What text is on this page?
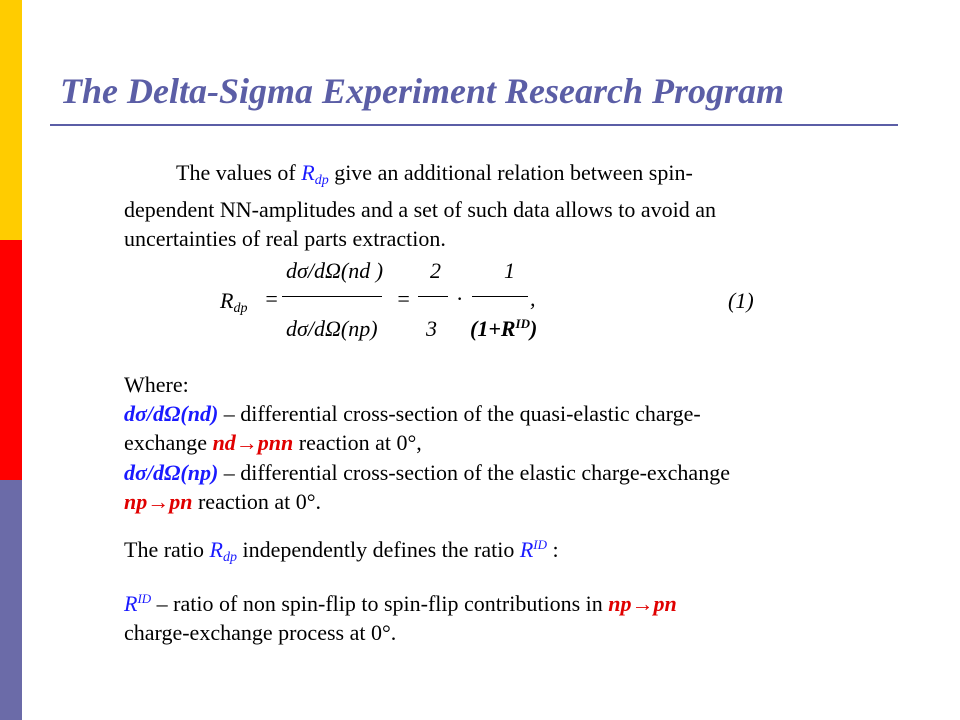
The Delta-Sigma Experiment Research Program
The values of $R_{dp}$ give an additional relation between spin-
dependent NN-amplitudes and a set of such data allows to avoid an
uncertainties of real parts extraction.
$R_{dp}$ =
dσ/dΩ(nd )
dσ/dΩ(np)
=
2
3
·
1
$(1+R^{ID})$
,	(1)
Where:
dσ/dΩ(nd) – differential cross-section of the quasi-elastic charge-
exchange nd→pnn reaction at 0°,
dσ/dΩ(np) – differential cross-section of the elastic charge-exchange
np→pn reaction at 0°.
The ratio $R_{dp}$ independently defines the ratio $R^{ID}$ :
$R^{ID}$ – ratio of non spin-flip to spin-flip contributions in np→pn
charge-exchange process at 0°.
